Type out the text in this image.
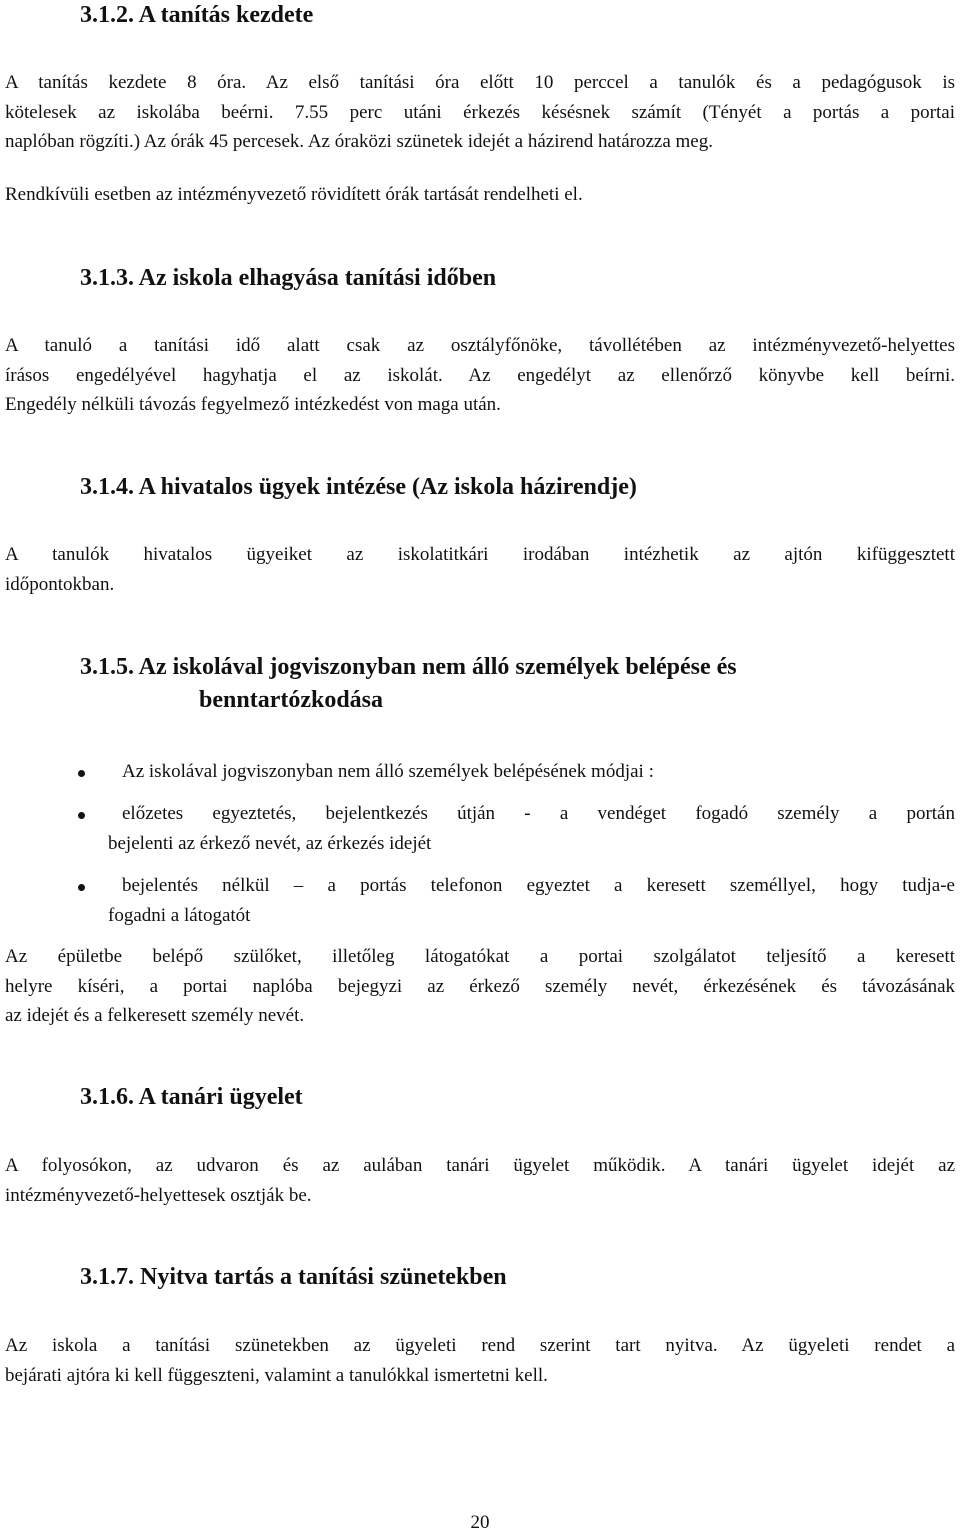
3.1.2. A tanítás kezdete
A tanítás kezdete 8 óra. Az első tanítási óra előtt 10 perccel a tanulók és a pedagógusok is
kötelesek az iskolába beérni. 7.55 perc utáni érkezés késésnek számít (Tényét a portás a portai
naplóban rögzíti.) Az órák 45 percesek. Az óraközi szünetek idejét a házirend határozza meg.
Rendkívüli esetben az intézményvezető rövidített órák tartását rendelheti el.
3.1.3. Az iskola elhagyása tanítási időben
A tanuló a tanítási idő alatt csak az osztályfőnöke, távollétében az intézményvezető-helyettes
írásos engedélyével hagyhatja el az iskolát. Az engedélyt az ellenőrző könyvbe kell beírni.
Engedély nélküli távozás fegyelmező intézkedést von maga után.
3.1.4. A hivatalos ügyek intézése (Az iskola házirendje)
A tanulók hivatalos ügyeiket az iskolatitkári irodában intézhetik az ajtón kifüggesztett
időpontokban.
3.1.5. Az iskolával jogviszonyban nem álló személyek belépése és
benntartózkodása
Az iskolával jogviszonyban nem álló személyek belépésének módjai :
előzetes egyeztetés, bejelentkezés útján - a vendéget fogadó személy a portán
bejelenti az érkező nevét, az érkezés idejét
bejelentés nélkül – a portás telefonon egyeztet a keresett személlyel, hogy tudja-e
fogadni a látogatót
Az épületbe belépő szülőket, illetőleg látogatókat a portai szolgálatot teljesítő a keresett
helyre kíséri, a portai naplóba bejegyzi az érkező személy nevét, érkezésének és távozásának
az idejét és a felkeresett személy nevét.
3.1.6. A tanári ügyelet
A folyosókon, az udvaron és az aulában tanári ügyelet működik. A tanári ügyelet idejét az
intézményvezető-helyettesek osztják be.
3.1.7. Nyitva tartás a tanítási szünetekben
Az iskola a tanítási szünetekben az ügyeleti rend szerint tart nyitva. Az ügyeleti rendet a
bejárati ajtóra ki kell függeszteni, valamint a tanulókkal ismertetni kell.
20
